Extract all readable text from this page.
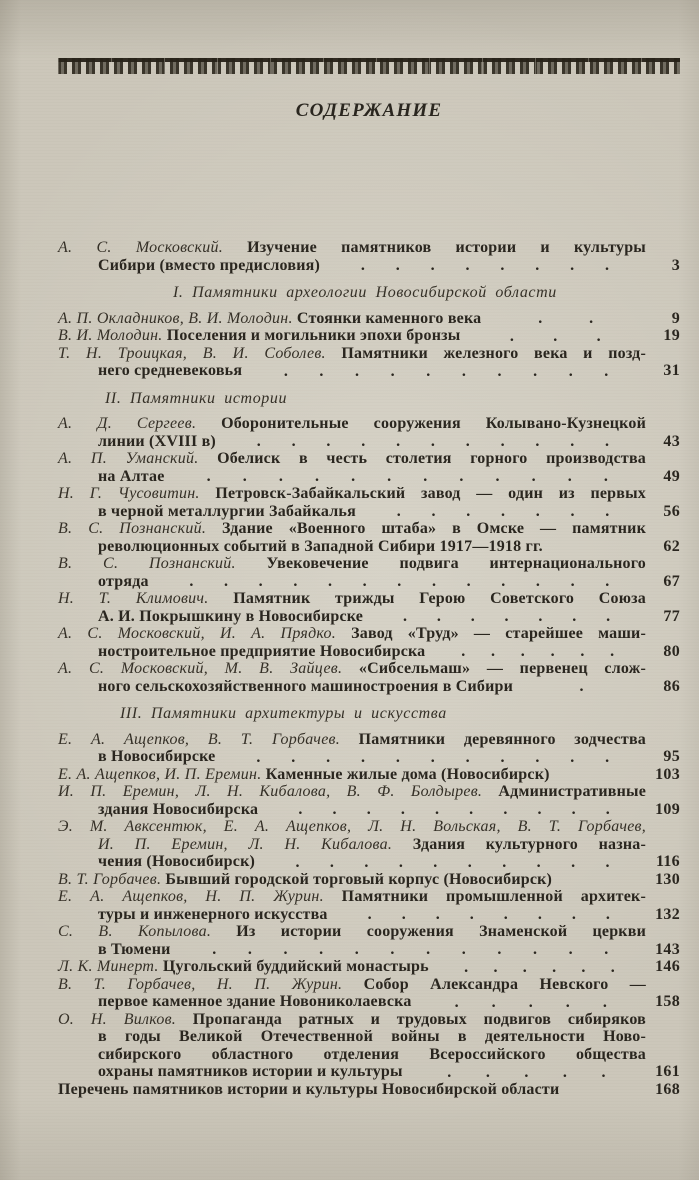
СОДЕРЖАНИЕ
А. С. Московский. Изучение памятников истории и культуры
Сибири (вместо предисловия)	. . . . . . . .	3
I. Памятники археологии Новосибирской области
А. П. Окладников, В. И. Молодин. Стоянки каменного века	.	.	9
В. И. Молодин. Поселения и могильники эпохи бронзы	. . .	19
Т. Н. Троицкая, В. И. Соболев. Памятники железного века и позд-
него средневековья	. . . . . . . . . .	31
II. Памятники истории
А. Д. Сергеев. Оборонительные сооружения Колывано-Кузнецкой
линии (XVIII в)	. . . . . . . . . . .	43
А. П. Уманский. Обелиск в честь столетия горного производства
на Алтае	. . . . . . . . . . . .	49
Н. Г. Чусовитин. Петровск-Забайкальский завод — один из первых
в черной металлургии Забайкалья	. . . . . . .	56
В. С. Познанский. Здание «Военного штаба» в Омске — памятник
революционных событий в Западной Сибири 1917—1918 гг.	62
В. С. Познанский. Увековечение подвига интернационального
отряда	. . . . . . . . . . . . .	67
Н. Т. Климович. Памятник трижды Герою Советского Союза
А. И. Покрышкину в Новосибирске . . . . . . .	77
А. С. Московский, И. А. Прядко. Завод «Труд» — старейшее маши-
ностроительное предприятие Новосибирска . . . . . .	80
А. С. Московский, М. В. Зайцев. «Сибсельмаш» — первенец слож-
ного сельскохозяйственного машиностроения в Сибири	.	86
III. Памятники архитектуры и искусства
Е. А. Ащепков, В. Т. Горбачев. Памятники деревянного зодчества
в Новосибирске	. . . . . . . . . . .	95
Е. А. Ащепков, И. П. Еремин. Каменные жилые дома (Новосибирск)	103
И. П. Еремин, Л. Н. Кибалова, В. Ф. Болдырев. Административные
здания Новосибирска	. . . . . . . . . .	109
Э. М. Авксентюк, Е. А. Ащепков, Л. Н. Вольская, В. Т. Горбачев,
И. П. Еремин, Л. Н. Кибалова. Здания культурного назна-
чения (Новосибирск)	. . . . . . . . . .	116
В. Т. Горбачев. Бывший городской торговый корпус (Новосибирск)	130
Е. А. Ащепков, Н. П. Журин. Памятники промышленной архитек-
туры и инженерного искусства	. . . . . . . .	132
С. В. Копылова. Из истории сооружения Знаменской церкви
в Тюмени	. . . . . . . . . . . .	143
Л. К. Минерт. Цугольский буддийский монастырь . . . . . .	146
В. Т. Горбачев, Н. П. Журин. Собор Александра Невского —
первое каменное здание Новониколаевска	. . . . .	158
О. Н. Вилков. Пропаганда ратных и трудовых подвигов сибиряков
в годы Великой Отечественной войны в деятельности Ново-
сибирского областного отделения Всероссийского общества
охраны памятников истории и культуры	. . . . .	161
Перечень памятников истории и культуры Новосибирской области	168
